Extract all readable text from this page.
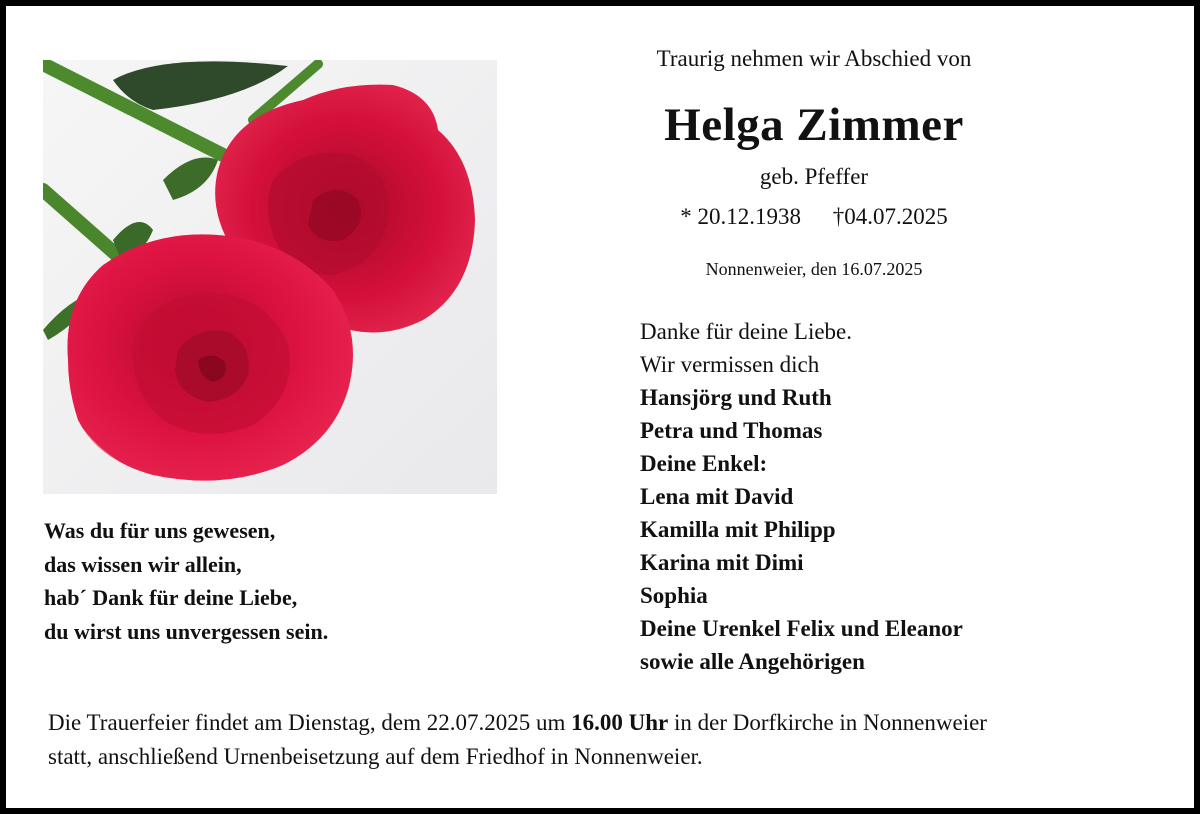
Was du für uns gewesen,
das wissen wir allein,
hab´ Dank für deine Liebe,
du wirst uns unvergessen sein.
Traurig nehmen wir Abschied von
Helga Zimmer
geb. Pfeffer
* 20.12.1938 †04.07.2025
Nonnenweier, den 16.07.2025
Danke für deine Liebe.
Wir vermissen dich
Hansjörg und Ruth
Petra und Thomas
Deine Enkel:
Lena mit David
Kamilla mit Philipp
Karina mit Dimi
Sophia
Deine Urenkel Felix und Eleanor
sowie alle Angehörigen
Die Trauerfeier findet am Dienstag, dem 22.07.2025 um 16.00 Uhr in der Dorfkirche in Nonnenweier
statt, anschließend Urnenbeisetzung auf dem Friedhof in Nonnenweier.
